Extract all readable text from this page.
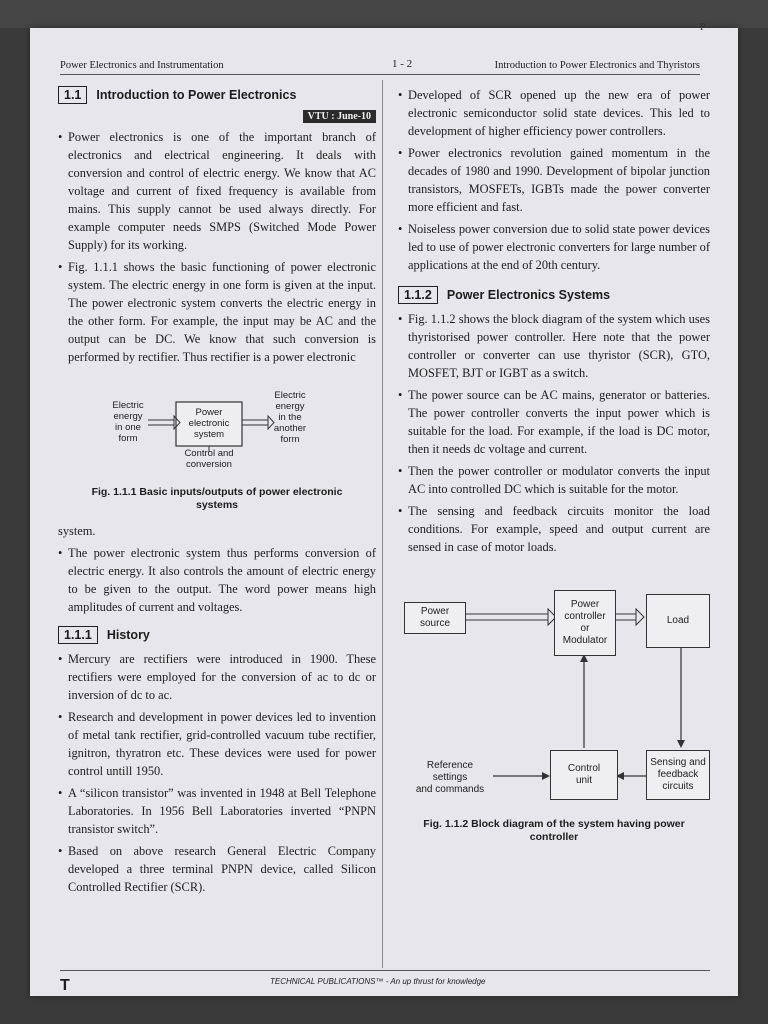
Power Electronics and Instrumentation	1 - 2	Introduction to Power Electronics and Thyristors
1.1 Introduction to Power Electronics
VTU : June-10
• Power electronics is one of the important branch of electronics and electrical engineering. It deals with conversion and control of electric energy. We know that AC voltage and current of fixed frequency is available from mains. This supply cannot be used always directly. For example computer needs SMPS (Switched Mode Power Supply) for its working.
• Fig. 1.1.1 shows the basic functioning of power electronic system. The electric energy in one form is given at the input. The power electronic system converts the electric energy in the other form. For example, the input may be AC and the output can be DC. We know that such conversion is performed by rectifier. Thus rectifier is a power electronic
Electric
energy
in one
form
Power
electronic
system
Control and
conversion
Electric
energy
in the
another
form
Fig. 1.1.1 Basic inputs/outputs of power electronic systems
system.
• The power electronic system thus performs conversion of electric energy. It also controls the amount of electric energy to be given to the output. The word power means high amplitudes of current and voltages.
1.1.1 History
• Mercury are rectifiers were introduced in 1900. These rectifiers were employed for the conversion of ac to dc or inversion of dc to ac.
• Research and development in power devices led to invention of metal tank rectifier, grid-controlled vacuum tube rectifier, ignitron, thyratron etc. These devices were used for power control untill 1950.
• A “silicon transistor” was invented in 1948 at Bell Telephone Laboratories. In 1956 Bell Laboratories inverted “PNPN transistor switch”.
• Based on above research General Electric Company developed a three terminal PNPN device, called Silicon Controlled Rectifier (SCR).
• Developed of SCR opened up the new era of power electronic semiconductor solid state devices. This led to development of higher efficiency power controllers.
• Power electronics revolution gained momentum in the decades of 1980 and 1990. Development of bipolar junction transistors, MOSFETs, IGBTs made the power converter more efficient and fast.
• Noiseless power conversion due to solid state power devices led to use of power electronic converters for large number of applications at the end of 20th century.
1.1.2 Power Electronics Systems
• Fig. 1.1.2 shows the block diagram of the system which uses thyristorised power controller. Here note that the power controller or converter can use thyristor (SCR), GTO, MOSFET, BJT or IGBT as a switch.
• The power source can be AC mains, generator or batteries. The power controller converts the input power which is suitable for the load. For example, if the load is DC motor, then it needs dc voltage and current.
• Then the power controller or modulator converts the input AC into controlled DC which is suitable for the motor.
• The sensing and feedback circuits monitor the load conditions. For example, speed and output current are sensed in case of motor loads.
Power
source
Power
controller
or
Modulator
Load
Reference
settings
and commands
Control
unit
Sensing and
feedback
circuits
Fig. 1.1.2 Block diagram of the system having power controller
T	TECHNICAL PUBLICATIONS™ - An up thrust for knowledge
P
